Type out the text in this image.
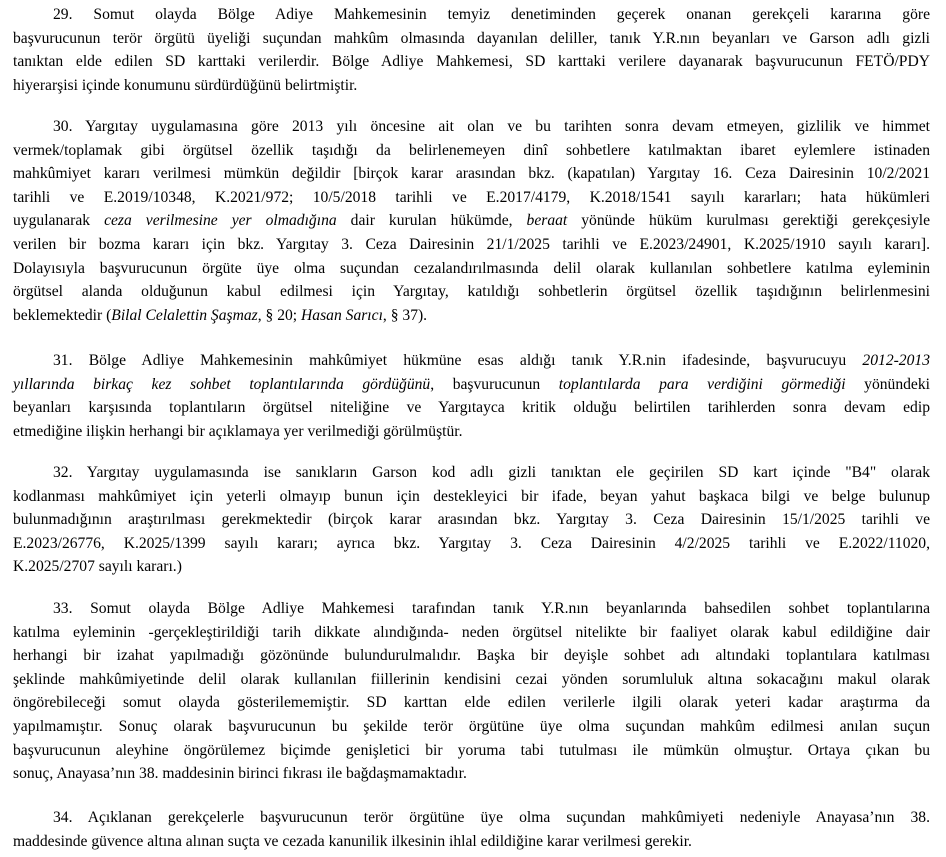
29. Somut olayda Bölge Adiye Mahkemesinin temyiz denetiminden geçerek onanan gerekçeli kararına göre
başvurucunun terör örgütü üyeliği suçundan mahkûm olmasında dayanılan deliller, tanık Y.R.nın beyanları ve Garson adlı gizli
tanıktan elde edilen SD karttaki verilerdir. Bölge Adliye Mahkemesi, SD karttaki verilere dayanarak başvurucunun FETÖ/PDY
hiyerarşisi içinde konumunu sürdürdüğünü belirtmiştir.

30. Yargıtay uygulamasına göre 2013 yılı öncesine ait olan ve bu tarihten sonra devam etmeyen, gizlilik ve himmet
vermek/toplamak gibi örgütsel özellik taşıdığı da belirlenemeyen dinî sohbetlere katılmaktan ibaret eylemlere istinaden
mahkûmiyet kararı verilmesi mümkün değildir [birçok karar arasından bkz. (kapatılan) Yargıtay 16. Ceza Dairesinin 10/2/2021
tarihli ve E.2019/10348, K.2021/972; 10/5/2018 tarihli ve E.2017/4179, K.2018/1541 sayılı kararları; hata hükümleri
uygulanarak ceza verilmesine yer olmadığına dair kurulan hükümde, beraat yönünde hüküm kurulması gerektiği gerekçesiyle
verilen bir bozma kararı için bkz. Yargıtay 3. Ceza Dairesinin 21/1/2025 tarihli ve E.2023/24901, K.2025/1910 sayılı kararı].
Dolayısıyla başvurucunun örgüte üye olma suçundan cezalandırılmasında delil olarak kullanılan sohbetlere katılma eyleminin
örgütsel alanda olduğunun kabul edilmesi için Yargıtay, katıldığı sohbetlerin örgütsel özellik taşıdığının belirlenmesini
beklemektedir (Bilal Celalettin Şaşmaz, § 20; Hasan Sarıcı, § 37).

31. Bölge Adliye Mahkemesinin mahkûmiyet hükmüne esas aldığı tanık Y.R.nin ifadesinde, başvurucuyu 2012-2013
yıllarında birkaç kez sohbet toplantılarında gördüğünü, başvurucunun toplantılarda para verdiğini görmediği yönündeki
beyanları karşısında toplantıların örgütsel niteliğine ve Yargıtayca kritik olduğu belirtilen tarihlerden sonra devam edip
etmediğine ilişkin herhangi bir açıklamaya yer verilmediği görülmüştür.

32. Yargıtay uygulamasında ise sanıkların Garson kod adlı gizli tanıktan ele geçirilen SD kart içinde "B4" olarak
kodlanması mahkûmiyet için yeterli olmayıp bunun için destekleyici bir ifade, beyan yahut başkaca bilgi ve belge bulunup
bulunmadığının araştırılması gerekmektedir (birçok karar arasından bkz. Yargıtay 3. Ceza Dairesinin 15/1/2025 tarihli ve
E.2023/26776, K.2025/1399 sayılı kararı; ayrıca bkz. Yargıtay 3. Ceza Dairesinin 4/2/2025 tarihli ve E.2022/11020,
K.2025/2707 sayılı kararı.)

33. Somut olayda Bölge Adliye Mahkemesi tarafından tanık Y.R.nın beyanlarında bahsedilen sohbet toplantılarına
katılma eyleminin -gerçekleştirildiği tarih dikkate alındığında- neden örgütsel nitelikte bir faaliyet olarak kabul edildiğine dair
herhangi bir izahat yapılmadığı gözönünde bulundurulmalıdır. Başka bir deyişle sohbet adı altındaki toplantılara katılması
şeklinde mahkûmiyetinde delil olarak kullanılan fiillerinin kendisini cezai yönden sorumluluk altına sokacağını makul olarak
öngörebileceği somut olayda gösterilememiştir. SD karttan elde edilen verilerle ilgili olarak yeteri kadar araştırma da
yapılmamıştır. Sonuç olarak başvurucunun bu şekilde terör örgütüne üye olma suçundan mahkûm edilmesi anılan suçun
başvurucunun aleyhine öngörülemez biçimde genişletici bir yoruma tabi tutulması ile mümkün olmuştur. Ortaya çıkan bu
sonuç, Anayasa’nın 38. maddesinin birinci fıkrası ile bağdaşmamaktadır.

34. Açıklanan gerekçelerle başvurucunun terör örgütüne üye olma suçundan mahkûmiyeti nedeniyle Anayasa’nın 38.
maddesinde güvence altına alınan suçta ve cezada kanunilik ilkesinin ihlal edildiğine karar verilmesi gerekir.
